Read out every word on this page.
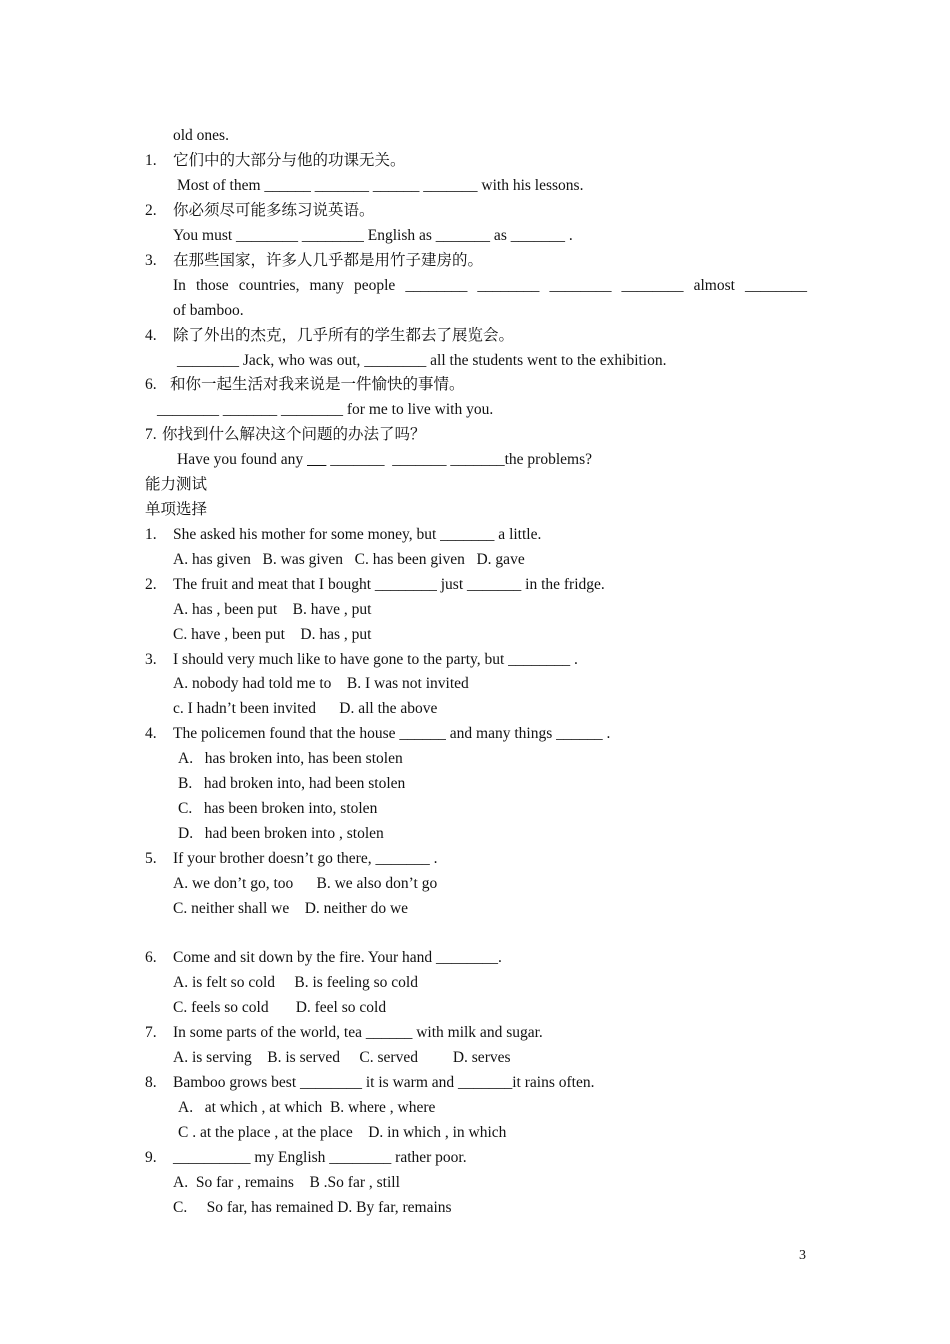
old ones.
1. 它们中的大部分与他的功课无关。
Most of them ______ _______ ______ _______ with his lessons.
2. 你必须尽可能多练习说英语。
You must ________ ________ English as _______ as _______ .
3. 在那些国家，许多人几乎都是用竹子建房的。
In those countries, many people ________ ________ ________ ________ almost ________
of bamboo.
4. 除了外出的杰克，几乎所有的学生都去了展览会。
________ Jack, who was out, ________ all the students went to the exhibition.
6. 和你一起生活对我来说是一件愉快的事情。
________ _______ ________ for me to live with you.
7. 你找到什么解决这个问题的办法了吗？
Have you found any       _______  _______ _______the problems?
能力测试
单项选择
1. She asked his mother for some money, but _______ a little.
A. has given   B. was given   C. has been given   D. gave
2. The fruit and meat that I bought ________ just _______ in the fridge.
A. has , been put    B. have , put
C. have , been put    D. has , put
3. I should very much like to have gone to the party, but ________ .
A. nobody had told me to    B. I was not invited
c. I hadn’t been invited      D. all the above
4. The policemen found that the house ______ and many things ______ .
A.   has broken into, has been stolen
B.   had broken into, had been stolen
C.   has been broken into, stolen
D.   had been broken into , stolen
5. If your brother doesn’t go there, _______ .
A. we don’t go, too      B. we also don’t go
C. neither shall we    D. neither do we
6. Come and sit down by the fire. Your hand ________.
A. is felt so cold     B. is feeling so cold
C. feels so cold       D. feel so cold
7. In some parts of the world, tea ______ with milk and sugar.
A. is serving    B. is served     C. served         D. serves
8. Bamboo grows best ________ it is warm and _______it rains often.
A.   at which , at which  B. where , where
C . at the place , at the place    D. in which , in which
9. __________ my English ________ rather poor.
A.  So far , remains    B .So far , still
C.     So far, has remained D. By far, remains
3
